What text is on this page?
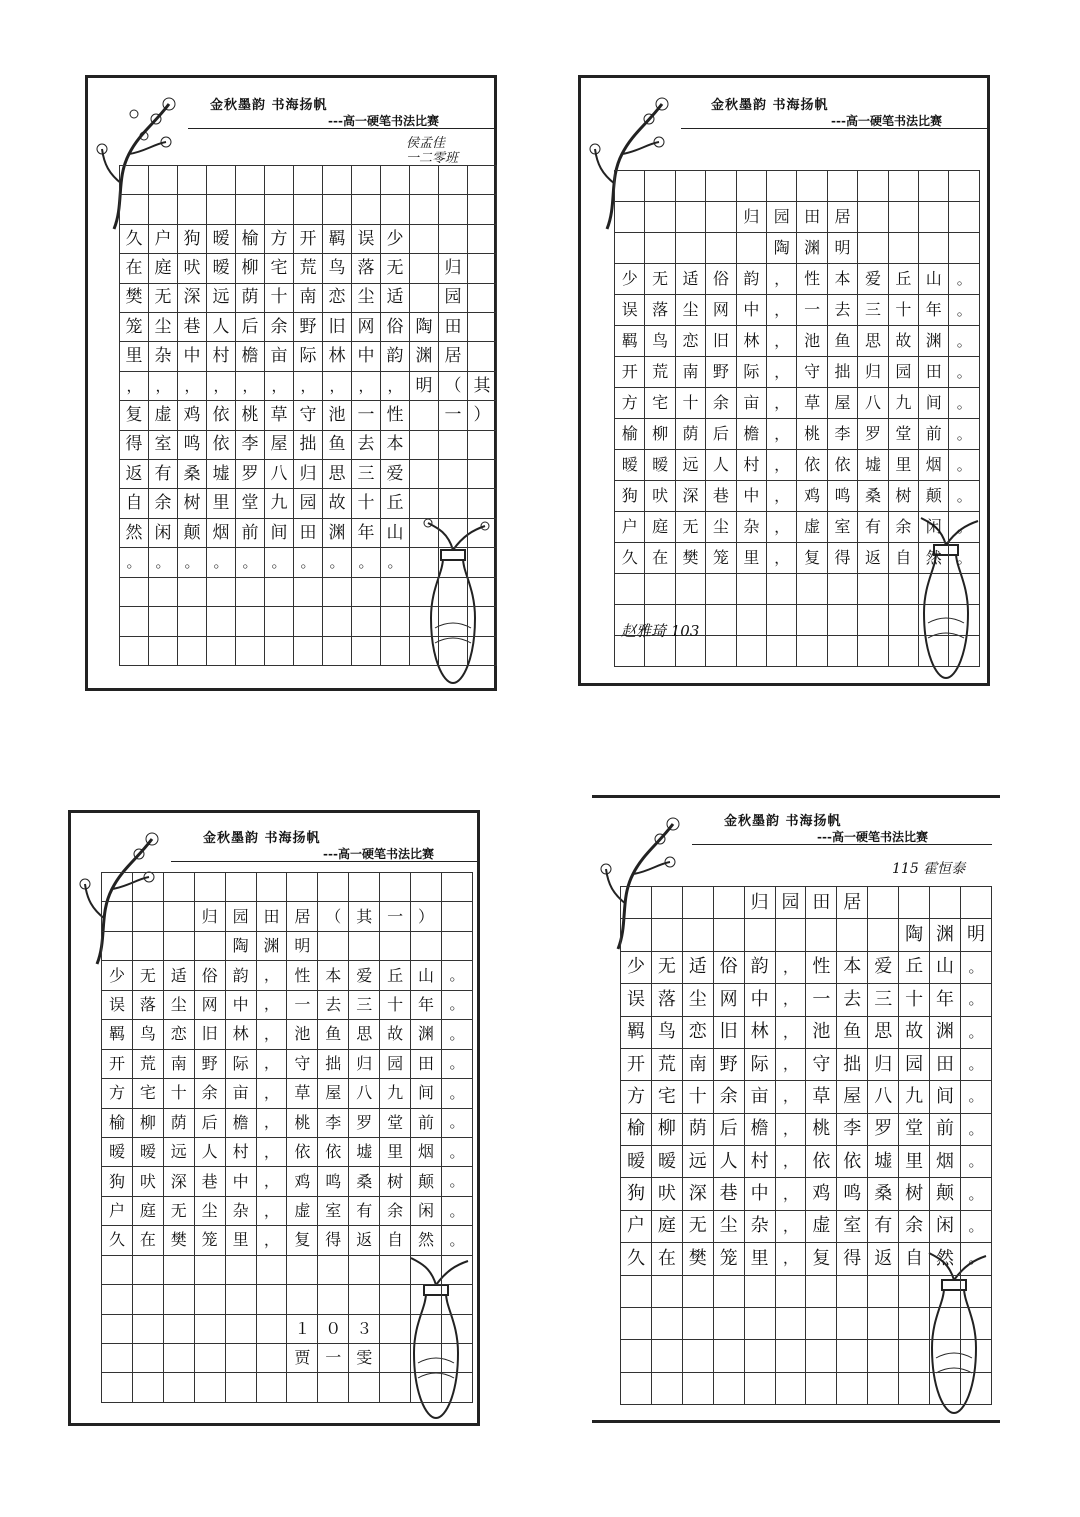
金秋墨韵 书海扬帆
---高一硬笔书法比赛
侯孟佳
一二零班

久	户	狗	暧	榆	方	开	羁	误	少			
在	庭	吠	暧	柳	宅	荒	鸟	落	无		归	
樊	无	深	远	荫	十	南	恋	尘	适		园	
笼	尘	巷	人	后	余	野	旧	网	俗	陶	田	
里	杂	中	村	檐	亩	际	林	中	韵	渊	居	
，	，	，	，	，	，	，	，	，	，	明	（	其
复	虚	鸡	依	桃	草	守	池	一	性		一	）
得	室	鸣	依	李	屋	拙	鱼	去	本			
返	有	桑	墟	罗	八	归	思	三	爱			
自	余	树	里	堂	九	园	故	十	丘			
然	闲	颠	烟	前	间	田	渊	年	山			
。	。	。	。	。	。	。	。	。	。			

金秋墨韵 书海扬帆
---高一硬笔书法比赛

				归	园	田	居				
					陶	渊	明				
少	无	适	俗	韵	，	性	本	爱	丘	山	。
误	落	尘	网	中	，	一	去	三	十	年	。
羁	鸟	恋	旧	林	，	池	鱼	思	故	渊	。
开	荒	南	野	际	，	守	拙	归	园	田	。
方	宅	十	余	亩	，	草	屋	八	九	间	。
榆	柳	荫	后	檐	，	桃	李	罗	堂	前	。
暧	暧	远	人	村	，	依	依	墟	里	烟	。
狗	吠	深	巷	中	，	鸡	鸣	桑	树	颠	。
户	庭	无	尘	杂	，	虚	室	有	余	闲	。
久	在	樊	笼	里	，	复	得	返	自	然	。

赵雅琦 103
金秋墨韵 书海扬帆
---高一硬笔书法比赛

			归	园	田	居	（	其	一	）	
				陶	渊	明					
少	无	适	俗	韵	，	性	本	爱	丘	山	。
误	落	尘	网	中	，	一	去	三	十	年	。
羁	鸟	恋	旧	林	，	池	鱼	思	故	渊	。
开	荒	南	野	际	，	守	拙	归	园	田	。
方	宅	十	余	亩	，	草	屋	八	九	间	。
榆	柳	荫	后	檐	，	桃	李	罗	堂	前	。
暧	暧	远	人	村	，	依	依	墟	里	烟	。
狗	吠	深	巷	中	，	鸡	鸣	桑	树	颠	。
户	庭	无	尘	杂	，	虚	室	有	余	闲	。
久	在	樊	笼	里	，	复	得	返	自	然	。

						１	０	３			
						贾	一	雯			

金秋墨韵 书海扬帆
---高一硬笔书法比赛
115 霍恒泰
				归	园	田	居				
									陶	渊	明
少	无	适	俗	韵	，	性	本	爱	丘	山	。
误	落	尘	网	中	，	一	去	三	十	年	。
羁	鸟	恋	旧	林	，	池	鱼	思	故	渊	。
开	荒	南	野	际	，	守	拙	归	园	田	。
方	宅	十	余	亩	，	草	屋	八	九	间	。
榆	柳	荫	后	檐	，	桃	李	罗	堂	前	。
暧	暧	远	人	村	，	依	依	墟	里	烟	。
狗	吠	深	巷	中	，	鸡	鸣	桑	树	颠	。
户	庭	无	尘	杂	，	虚	室	有	余	闲	。
久	在	樊	笼	里	，	复	得	返	自	然	。
